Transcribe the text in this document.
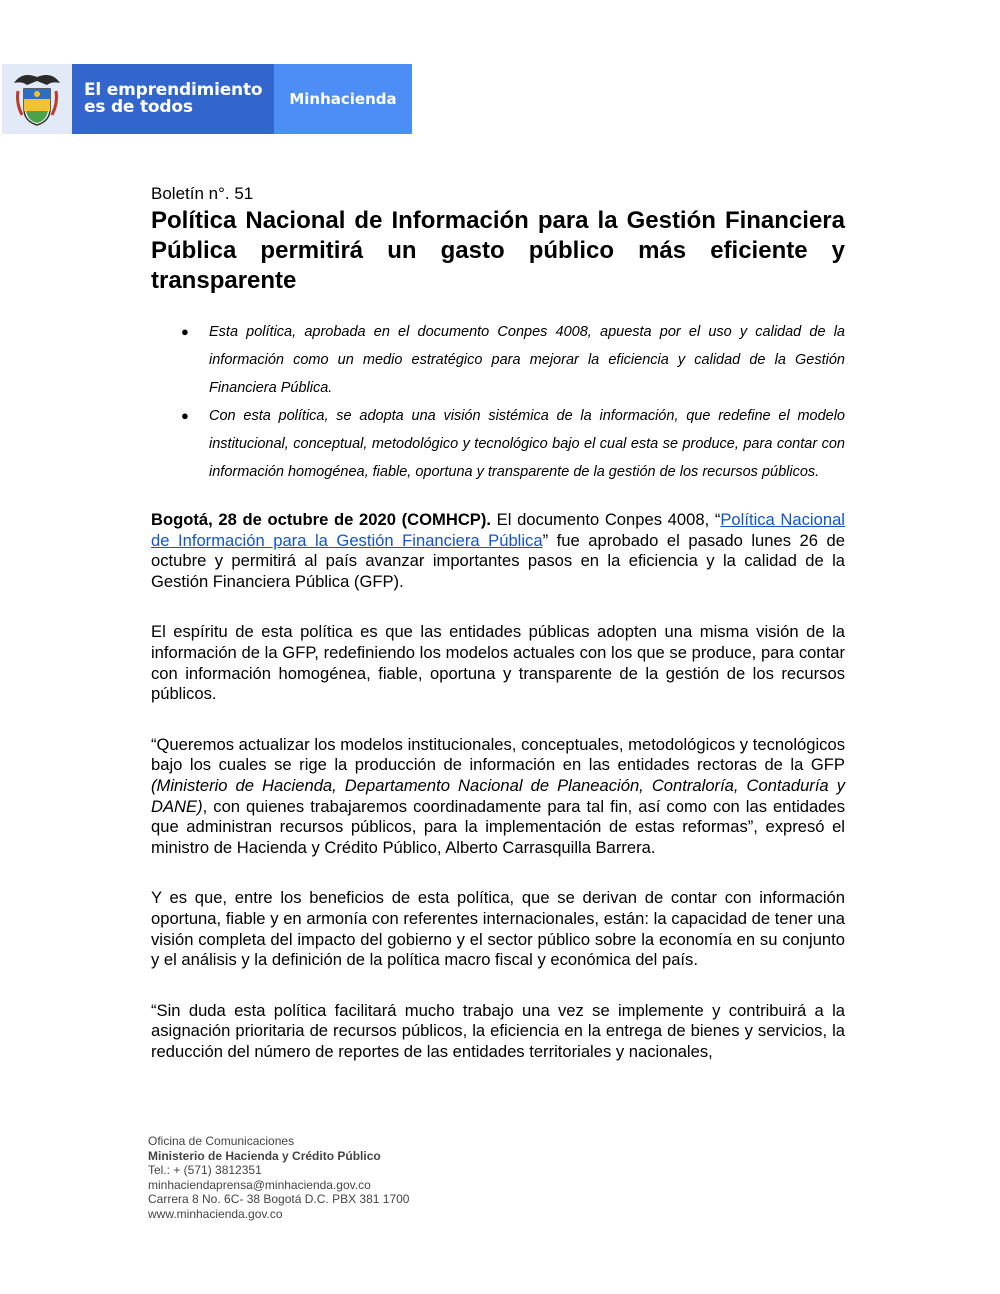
El emprendimiento
es de todos	Minhacienda
Boletín n°. 51
Política Nacional de Información para la Gestión Financiera Pública permitirá un gasto público más eficiente y transparente
● Esta política, aprobada en el documento Conpes 4008, apuesta por el uso y calidad de la información como un medio estratégico para mejorar la eficiencia y calidad de la Gestión Financiera Pública.
● Con esta política, se adopta una visión sistémica de la información, que redefine el modelo institucional, conceptual, metodológico y tecnológico bajo el cual esta se produce, para contar con información homogénea, fiable, oportuna y transparente de la gestión de los recursos públicos.

Bogotá, 28 de octubre de 2020 (COMHCP). El documento Conpes 4008, “Política Nacional de Información para la Gestión Financiera Pública” fue aprobado el pasado lunes 26 de octubre y permitirá al país avanzar importantes pasos en la eficiencia y la calidad de la Gestión Financiera Pública (GFP).

El espíritu de esta política es que las entidades públicas adopten una misma visión de la información de la GFP, redefiniendo los modelos actuales con los que se produce, para contar con información homogénea, fiable, oportuna y transparente de la gestión de los recursos públicos.

“Queremos actualizar los modelos institucionales, conceptuales, metodológicos y tecnológicos bajo los cuales se rige la producción de información en las entidades rectoras de la GFP (Ministerio de Hacienda, Departamento Nacional de Planeación, Contraloría, Contaduría y DANE), con quienes trabajaremos coordinadamente para tal fin, así como con las entidades que administran recursos públicos, para la implementación de estas reformas”, expresó el ministro de Hacienda y Crédito Público, Alberto Carrasquilla Barrera.

Y es que, entre los beneficios de esta política, que se derivan de contar con información oportuna, fiable y en armonía con referentes internacionales, están: la capacidad de tener una visión completa del impacto del gobierno y el sector público sobre la economía en su conjunto y el análisis y la definición de la política macro fiscal y económica del país.

“Sin duda esta política facilitará mucho trabajo una vez se implemente y contribuirá a la asignación prioritaria de recursos públicos, la eficiencia en la entrega de bienes y servicios, la reducción del número de reportes de las entidades territoriales y nacionales,

Oficina de Comunicaciones
Ministerio de Hacienda y Crédito Público
Tel.: + (571) 3812351
minhaciendaprensa@minhacienda.gov.co
Carrera 8 No. 6C- 38 Bogotá D.C. PBX 381 1700
www.minhacienda.gov.co
